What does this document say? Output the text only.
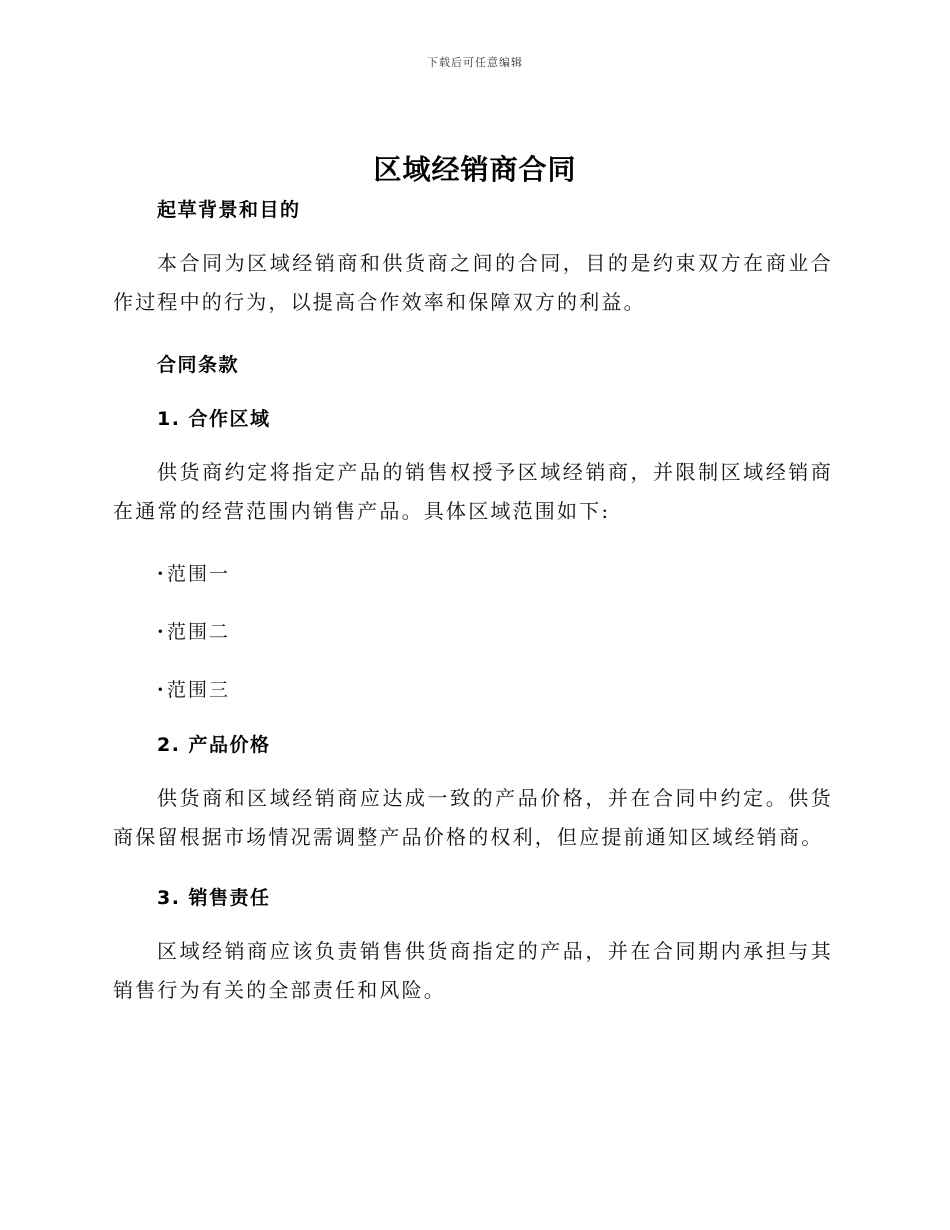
下载后可任意编辑
区域经销商合同

起草背景和目的

本合同为区域经销商和供货商之间的合同，目的是约束双方在商业合作过程中的行为，以提高合作效率和保障双方的利益。

合同条款

1. 合作区域

供货商约定将指定产品的销售权授予区域经销商，并限制区域经销商在通常的经营范围内销售产品。具体区域范围如下:

·范围一

·范围二

·范围三

2. 产品价格

供货商和区域经销商应达成一致的产品价格，并在合同中约定。供货商保留根据市场情况需调整产品价格的权利，但应提前通知区域经销商。

3. 销售责任

区域经销商应该负责销售供货商指定的产品，并在合同期内承担与其销售行为有关的全部责任和风险。
